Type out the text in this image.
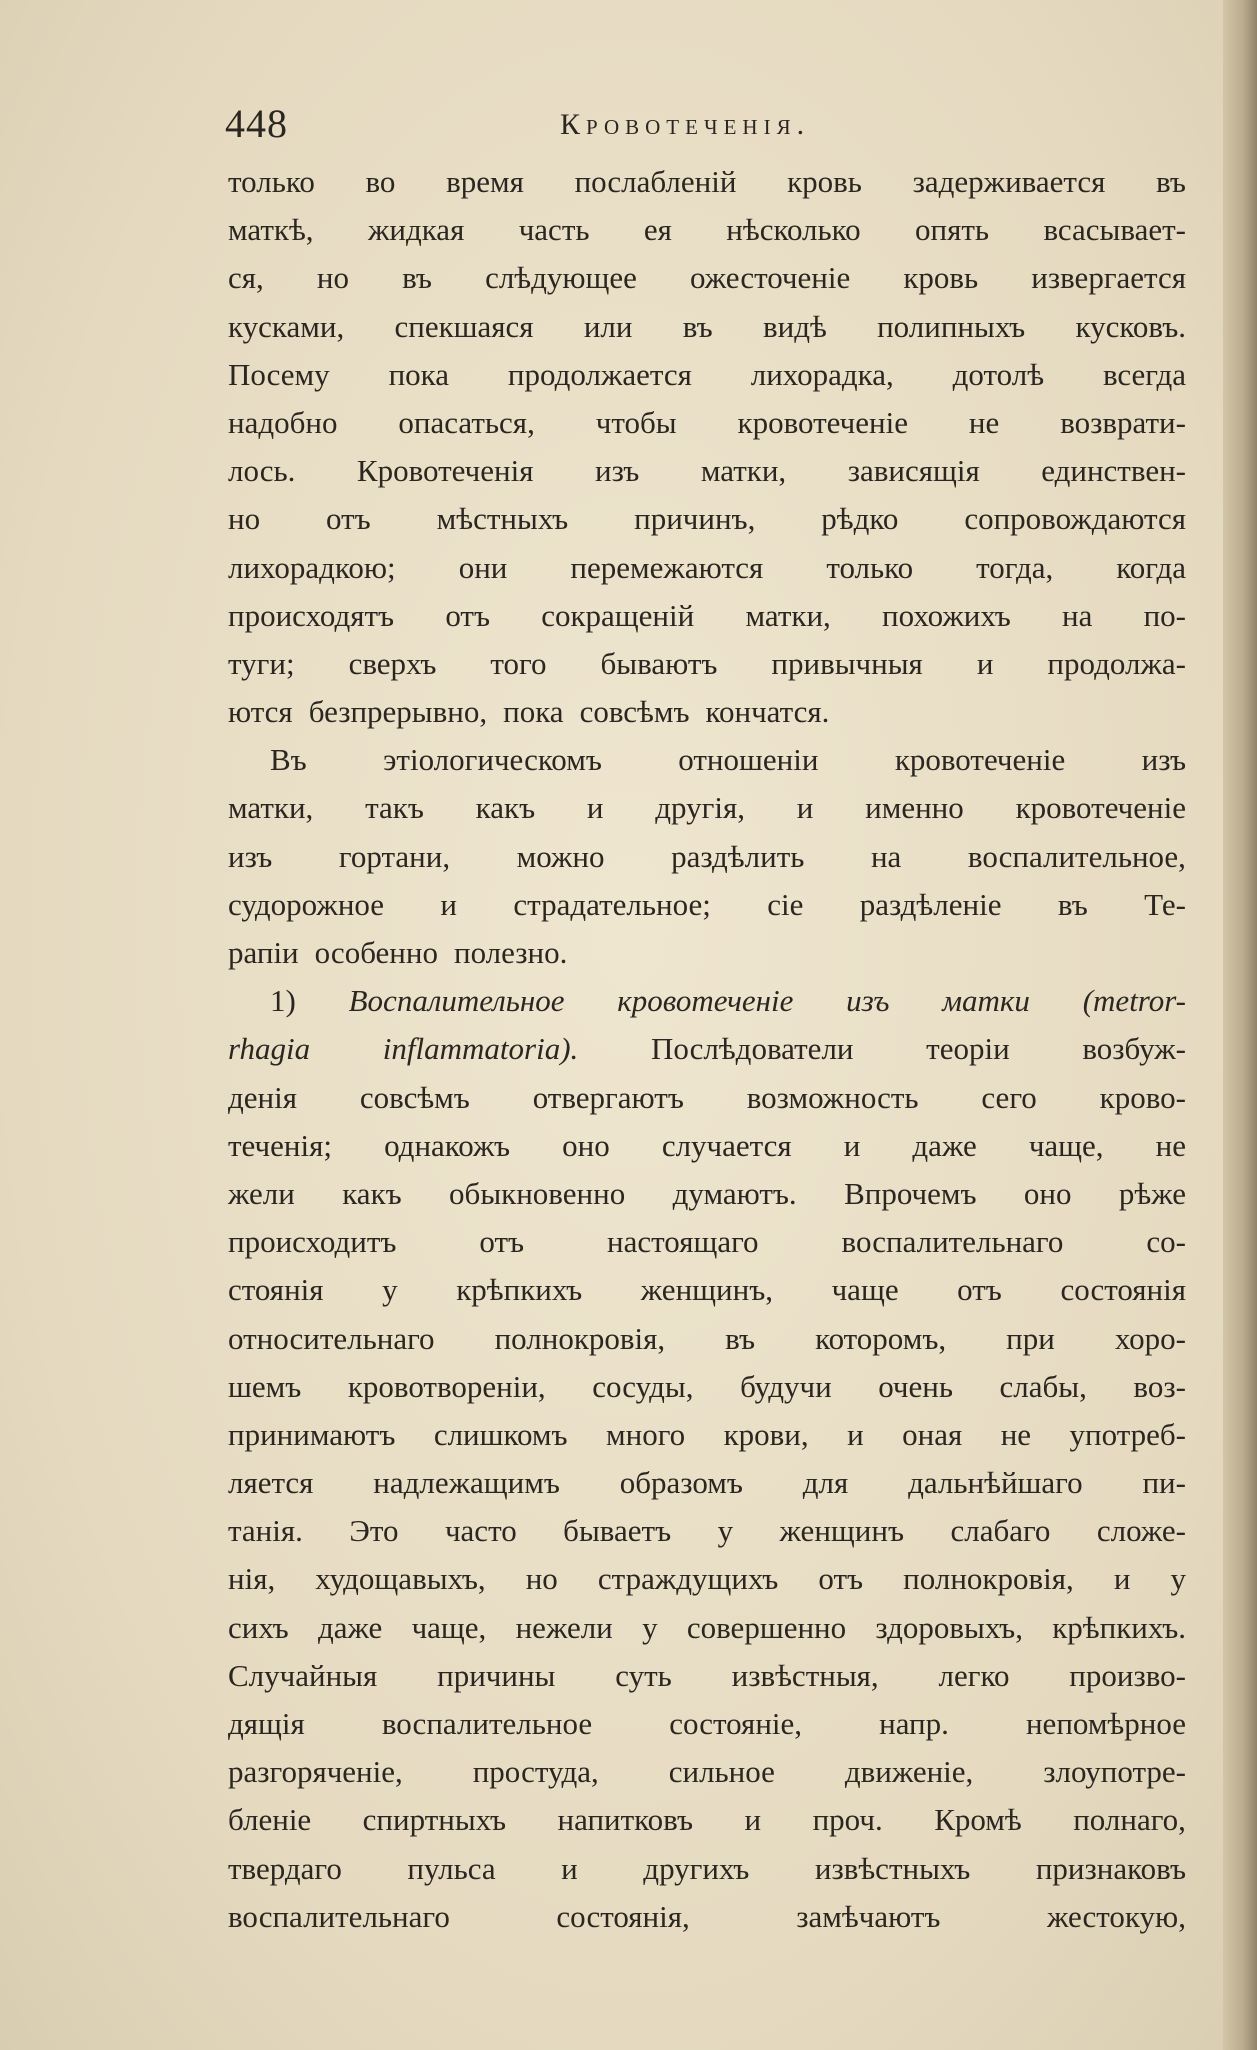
448	Кровотеченія.
только во время послабленій кровь задерживается въ
маткѣ, жидкая часть ея нѣсколько опять всасывает-
ся, но въ слѣдующее ожесточеніе кровь извергается
кусками, спекшаяся или въ видѣ полипныхъ кусковъ.
Посему пока продолжается лихорадка, дотолѣ всегда
надобно опасаться, чтобы кровотеченіе не возврати-
лось. Кровотеченія изъ матки, зависящія единствен-
но отъ мѣстныхъ причинъ, рѣдко сопровождаются
лихорадкою; они перемежаются только тогда, когда
происходятъ отъ сокращеній матки, похожихъ на по-
туги; сверхъ того бываютъ привычныя и продолжа-
ются безпрерывно, пока совсѣмъ кончатся.
Въ этіологическомъ отношеніи кровотеченіе изъ
матки, такъ какъ и другія, и именно кровотеченіе
изъ гортани, можно раздѣлить на воспалительное,
судорожное и страдательное; сіе раздѣленіе въ Те-
рапіи особенно полезно.
1) Воспалительное кровотеченіе изъ матки (metror-
rhagia inflammatoria). Послѣдователи теоріи возбуж-
денія совсѣмъ отвергаютъ возможность сего крово-
теченія; однакожъ оно случается и даже чаще, не
жели какъ обыкновенно думаютъ. Впрочемъ оно рѣже
происходитъ	отъ	настоящаго	воспалительнаго	со-
стоянія у крѣпкихъ женщинъ, чаще отъ состоянія
относительнаго полнокровія, въ которомъ, при хоро-
шемъ кровотвореніи, сосуды, будучи очень слабы, воз-
принимаютъ слишкомъ много крови, и оная не употреб-
ляется надлежащимъ образомъ для дальнѣйшаго пи-
танія. Это часто бываетъ у женщинъ слабаго сложе-
нія, худощавыхъ, но страждущихъ отъ полнокровія, и у
сихъ даже чаще, нежели у совершенно здоровыхъ, крѣпкихъ.
Случайныя причины суть извѣстныя, легко произво-
дящія воспалительное состояніе, напр. непомѣрное
разгоряченіе, простуда, сильное движеніе, злоупотре-
бленіе спиртныхъ напитковъ и проч. Кромѣ полнаго,
твердаго пульса и другихъ извѣстныхъ признаковъ
воспалительнаго	состоянія,	замѣчаютъ	жестокую,
